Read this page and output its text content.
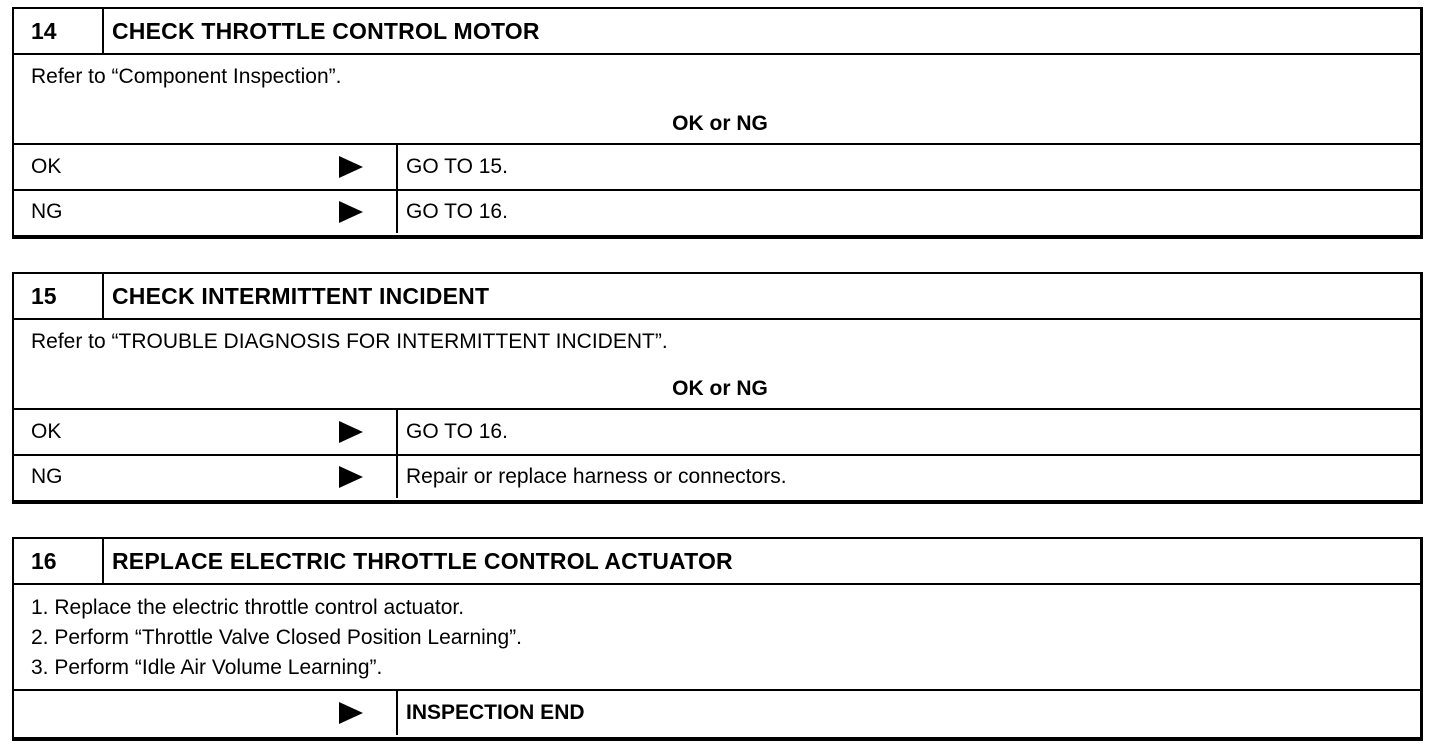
14	CHECK THROTTLE CONTROL MOTOR
Refer to “Component Inspection”.
OK or NG
OK	GO TO 15.
NG	GO TO 16.
15	CHECK INTERMITTENT INCIDENT
Refer to “TROUBLE DIAGNOSIS FOR INTERMITTENT INCIDENT”.
OK or NG
OK	GO TO 16.
NG	Repair or replace harness or connectors.
16	REPLACE ELECTRIC THROTTLE CONTROL ACTUATOR
1. Replace the electric throttle control actuator.
2. Perform “Throttle Valve Closed Position Learning”.
3. Perform “Idle Air Volume Learning”.
INSPECTION END
